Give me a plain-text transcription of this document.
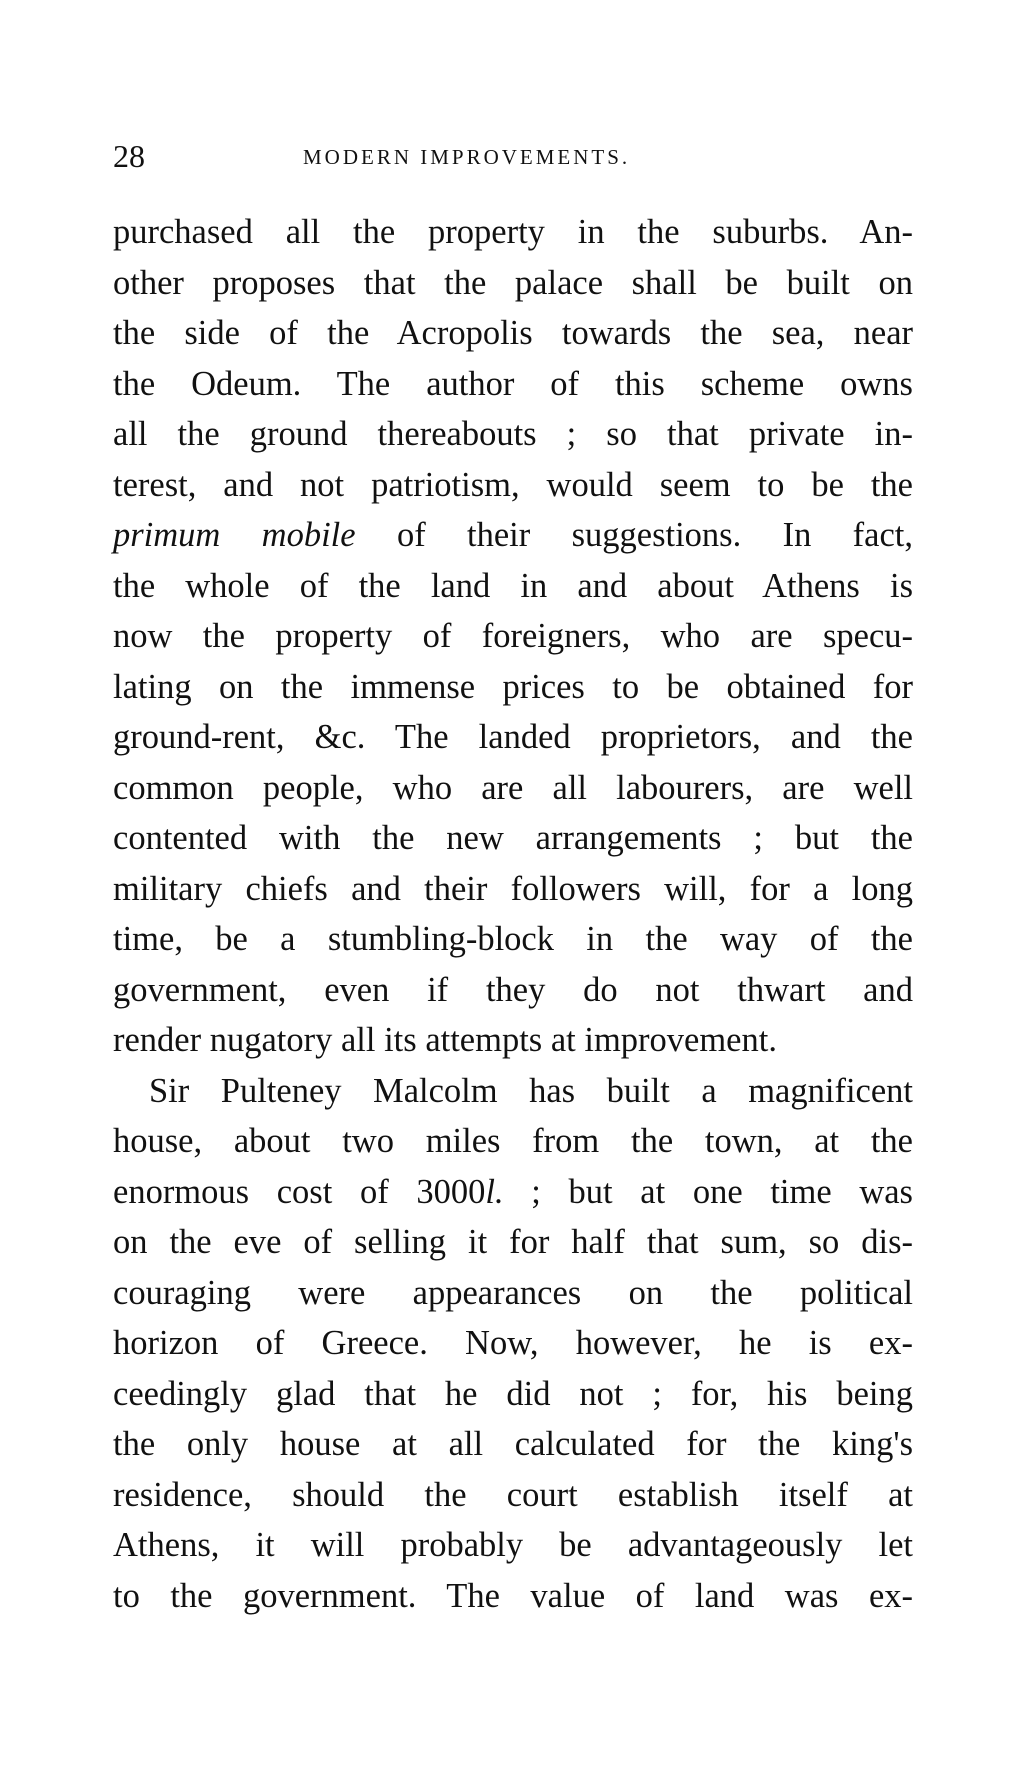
28	MODERN IMPROVEMENTS.
purchased all the property in the suburbs. An-
other proposes that the palace shall be built on
the side of the Acropolis towards the sea, near
the Odeum. The author of this scheme owns
all the ground thereabouts ; so that private in-
terest, and not patriotism, would seem to be the
primum mobile of their suggestions. In fact,
the whole of the land in and about Athens is
now the property of foreigners, who are specu-
lating on the immense prices to be obtained for
ground-rent, &c. The landed proprietors, and the
common people, who are all labourers, are well
contented with the new arrangements ; but the
military chiefs and their followers will, for a long
time, be a stumbling-block in the way of the
government, even if they do not thwart and
render nugatory all its attempts at improvement.
Sir Pulteney Malcolm has built a magnificent
house, about two miles from the town, at the
enormous cost of 3000l. ; but at one time was
on the eve of selling it for half that sum, so dis-
couraging were appearances on the political
horizon of Greece. Now, however, he is ex-
ceedingly glad that he did not ; for, his being
the only house at all calculated for the king's
residence, should the court establish itself at
Athens, it will probably be advantageously let
to the government. The value of land was ex-
